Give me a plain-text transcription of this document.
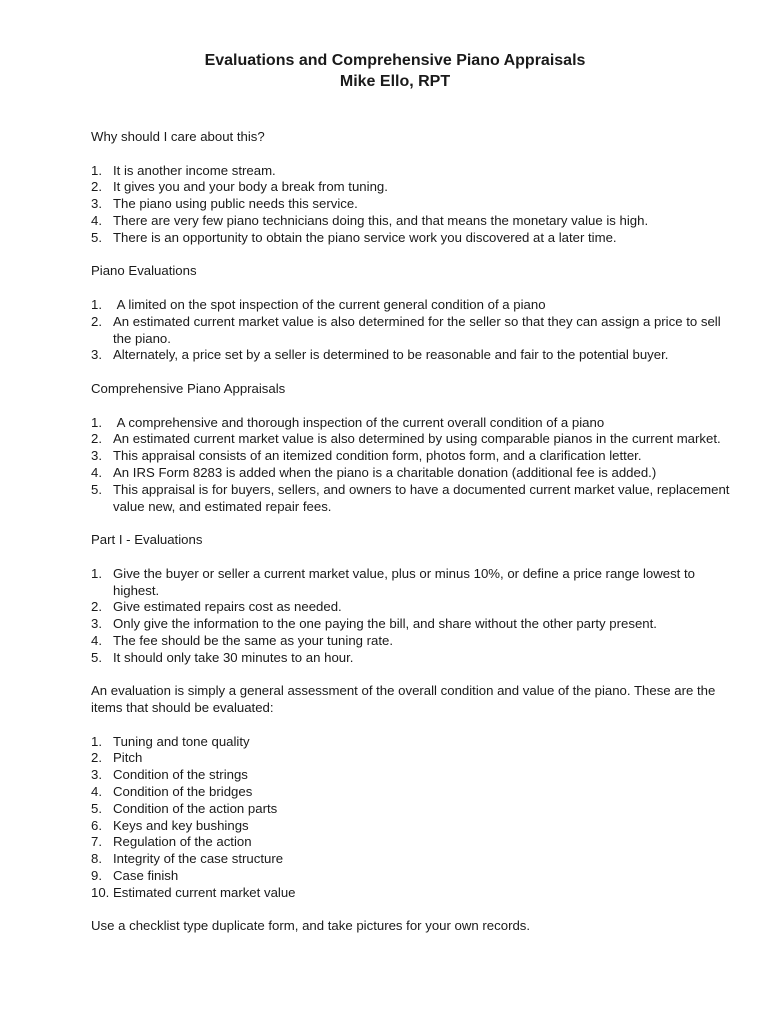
Evaluations and Comprehensive Piano Appraisals
Mike Ello, RPT

Why should I care about this?

1. It is another income stream.
2. It gives you and your body a break from tuning.
3. The piano using public needs this service.
4. There are very few piano technicians doing this, and that means the monetary value is high.
5. There is an opportunity to obtain the piano service work you discovered at a later time.

Piano Evaluations

1. A limited on the spot inspection of the current general condition of a piano
2. An estimated current market value is also determined for the seller so that they can assign a price to sell the piano.
3. Alternately, a price set by a seller is determined to be reasonable and fair to the potential buyer.

Comprehensive Piano Appraisals

1. A comprehensive and thorough inspection of the current overall condition of a piano
2. An estimated current market value is also determined by using comparable pianos in the current market.
3. This appraisal consists of an itemized condition form, photos form, and a clarification letter.
4. An IRS Form 8283 is added when the piano is a charitable donation (additional fee is added.)
5. This appraisal is for buyers, sellers, and owners to have a documented current market value, replacement value new, and estimated repair fees.

Part I - Evaluations

1. Give the buyer or seller a current market value, plus or minus 10%, or define a price range lowest to highest.
2. Give estimated repairs cost as needed.
3. Only give the information to the one paying the bill, and share without the other party present.
4. The fee should be the same as your tuning rate.
5. It should only take 30 minutes to an hour.

An evaluation is simply a general assessment of the overall condition and value of the piano. These are the items that should be evaluated:

1. Tuning and tone quality
2. Pitch
3. Condition of the strings
4. Condition of the bridges
5. Condition of the action parts
6. Keys and key bushings
7. Regulation of the action
8. Integrity of the case structure
9. Case finish
10. Estimated current market value

Use a checklist type duplicate form, and take pictures for your own records.
